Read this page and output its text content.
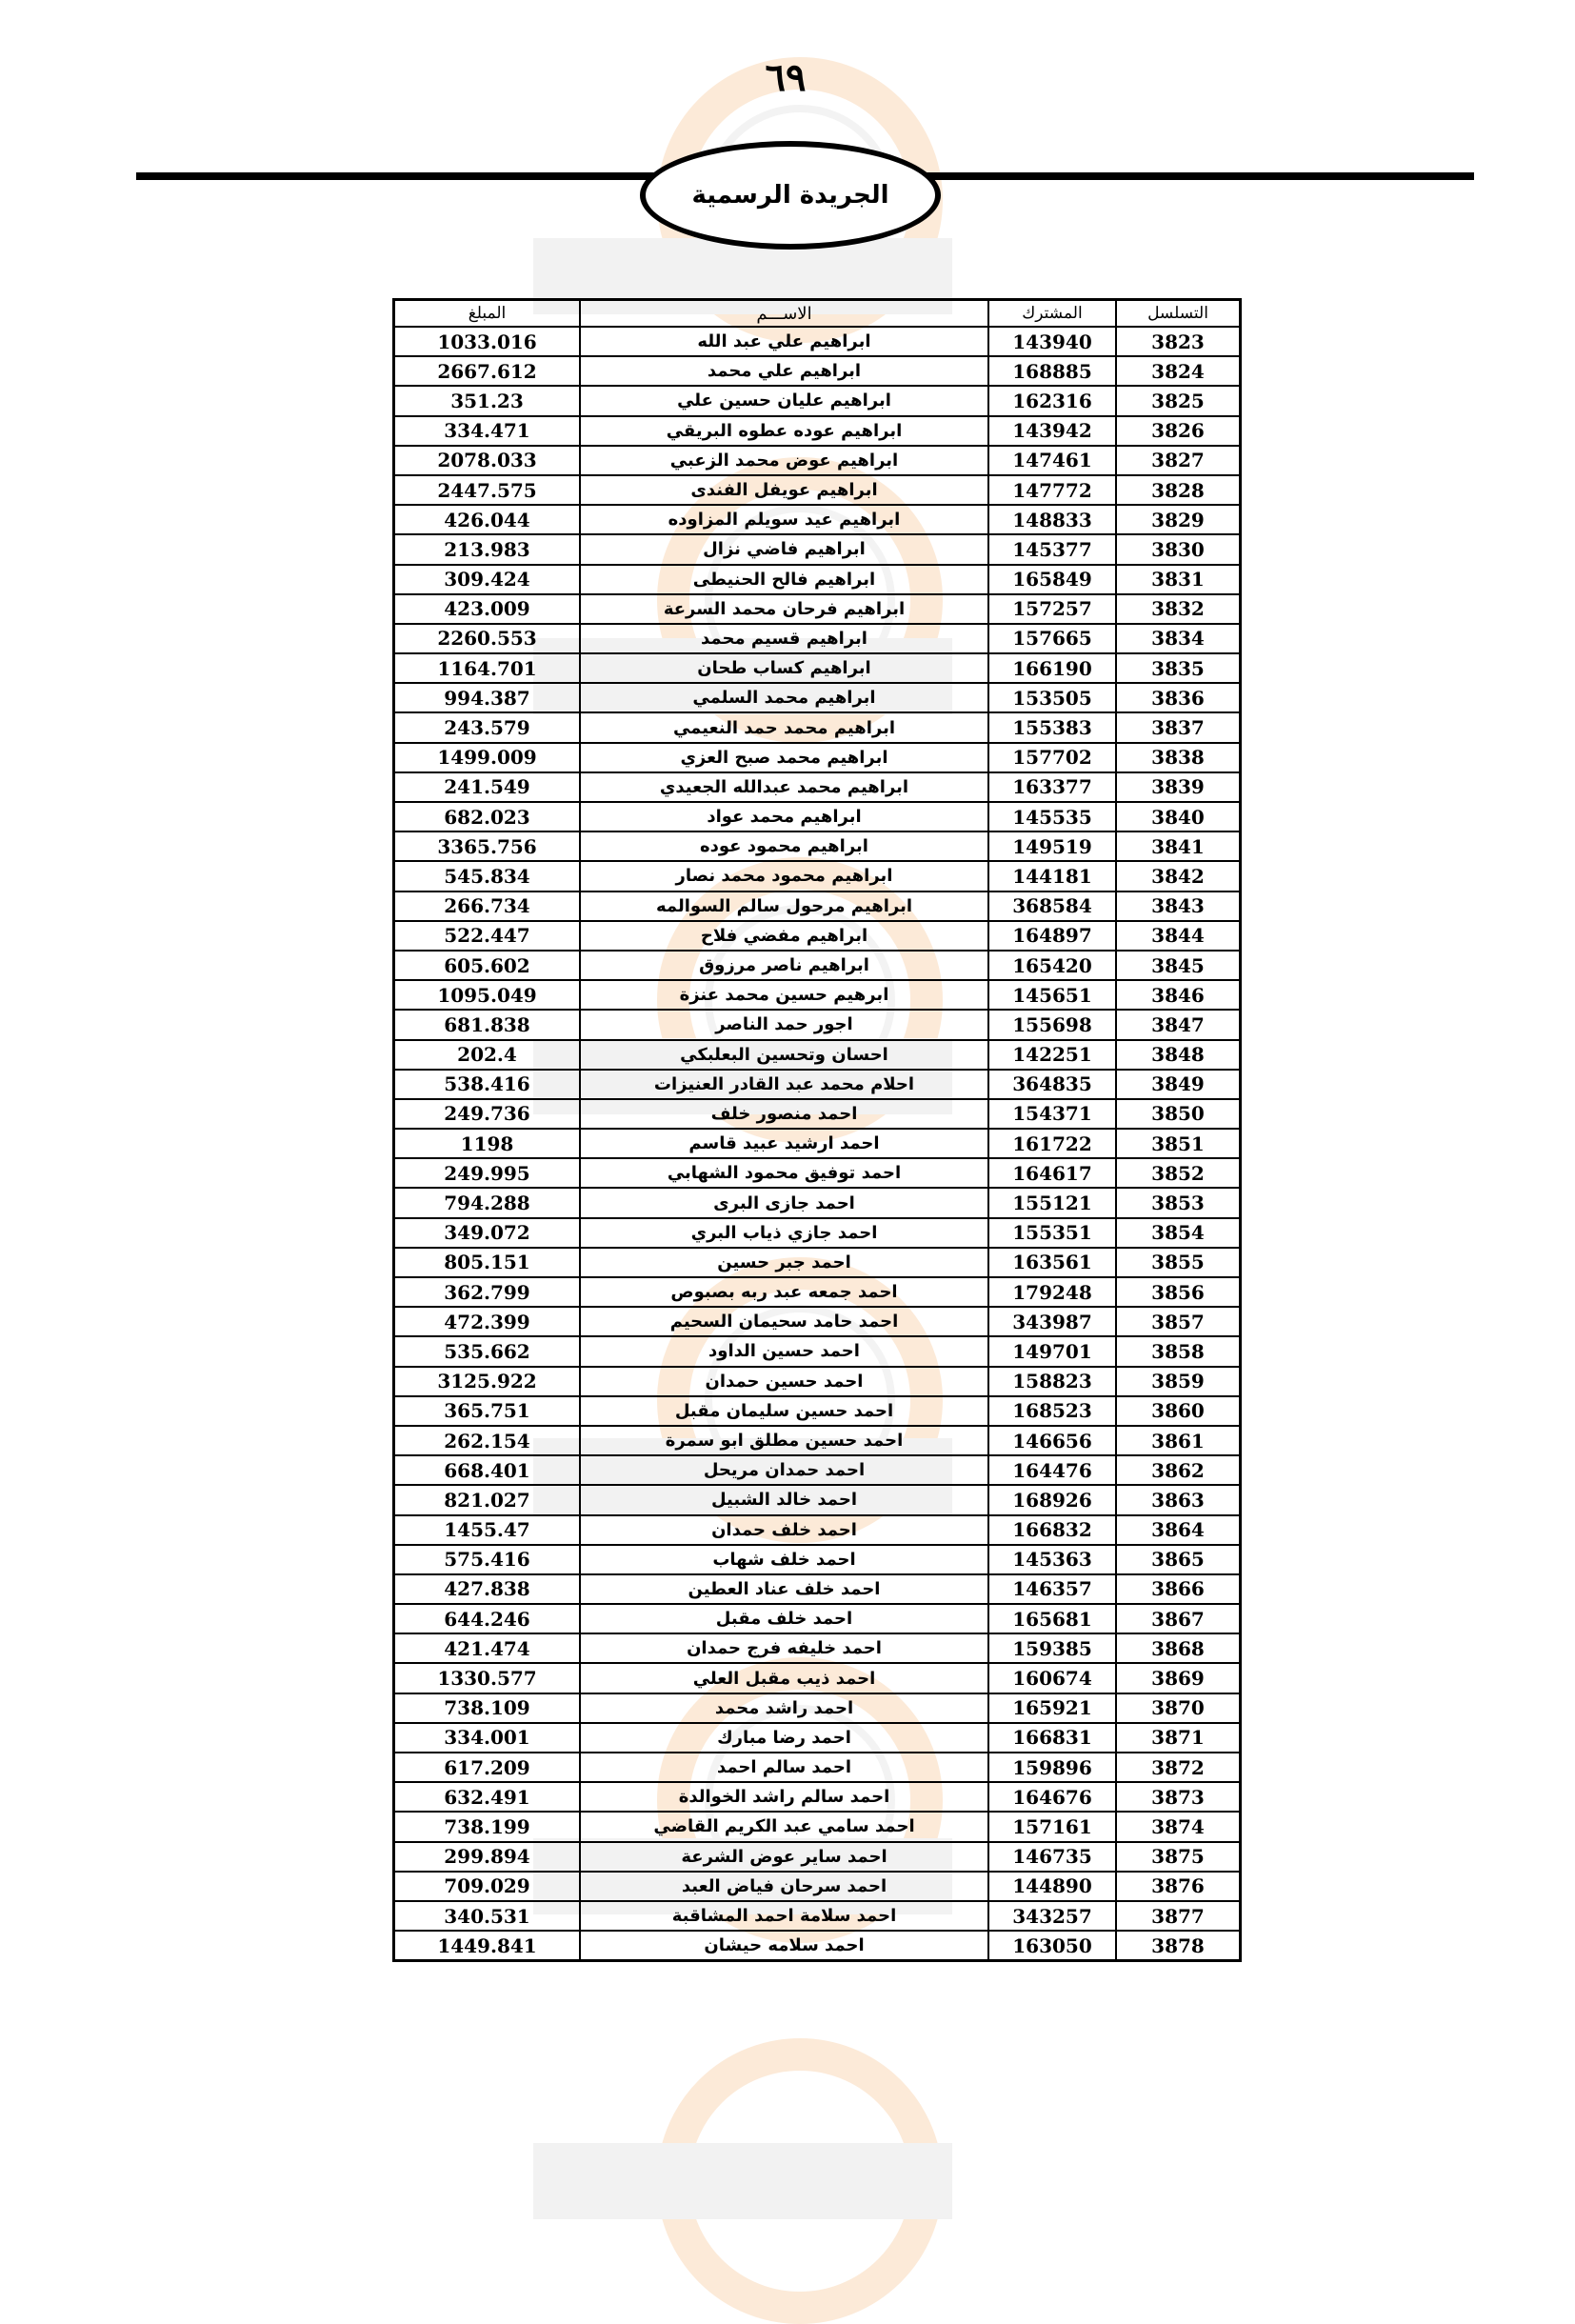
٦٩
الجريدة الرسمية
التسلسل	المشترك	الاســـم	المبلغ
3823	143940	ابراهيم علي عبد الله	1033.016
3824	168885	ابراهيم علي محمد	2667.612
3825	162316	ابراهيم عليان حسين علي	351.23
3826	143942	ابراهيم عوده عطوه البريقي	334.471
3827	147461	ابراهيم عوض محمد الزعبي	2078.033
3828	147772	ابراهيم عويفل الفندى	2447.575
3829	148833	ابراهيم عيد سويلم المزاوده	426.044
3830	145377	ابراهيم فاضي نزال	213.983
3831	165849	ابراهيم فالح الحنيطى	309.424
3832	157257	ابراهيم فرحان محمد السرعة	423.009
3834	157665	ابراهيم قسيم محمد	2260.553
3835	166190	ابراهيم كساب طحان	1164.701
3836	153505	ابراهيم محمد السلمي	994.387
3837	155383	ابراهيم محمد حمد النعيمي	243.579
3838	157702	ابراهيم محمد صبح العزي	1499.009
3839	163377	ابراهيم محمد عبدالله الجعيدي	241.549
3840	145535	ابراهيم محمد عواد	682.023
3841	149519	ابراهيم محمود عوده	3365.756
3842	144181	ابراهيم محمود محمد نصار	545.834
3843	368584	ابراهيم مرحول سالم السوالمه	266.734
3844	164897	ابراهيم مفضي فلاح	522.447
3845	165420	ابراهيم ناصر مرزوق	605.602
3846	145651	ابرهيم حسين محمد عنزة	1095.049
3847	155698	اجور حمد الناصر	681.838
3848	142251	احسان وتحسين البعلبكي	202.4
3849	364835	احلام محمد عبد القادر العنيزات	538.416
3850	154371	احمد منصور خلف	249.736
3851	161722	احمد ارشيد عبيد قاسم	1198
3852	164617	احمد توفيق محمود الشهابي	249.995
3853	155121	احمد جازى البرى	794.288
3854	155351	احمد جازي ذياب البري	349.072
3855	163561	احمد جبر حسين	805.151
3856	179248	احمد جمعه عبد ربه بصبوص	362.799
3857	343987	احمد حامد سحيمان السحيم	472.399
3858	149701	احمد حسين الداود	535.662
3859	158823	احمد حسين حمدان	3125.922
3860	168523	احمد حسين سليمان مقبل	365.751
3861	146656	احمد حسين مطلق ابو سمرة	262.154
3862	164476	احمد حمدان مريحل	668.401
3863	168926	احمد خالد الشبيل	821.027
3864	166832	احمد خلف حمدان	1455.47
3865	145363	احمد خلف شهاب	575.416
3866	146357	احمد خلف عناد العطين	427.838
3867	165681	احمد خلف مقبل	644.246
3868	159385	احمد خليفه فرج حمدان	421.474
3869	160674	احمد ذيب مقبل العلي	1330.577
3870	165921	احمد راشد محمد	738.109
3871	166831	احمد رضا مبارك	334.001
3872	159896	احمد سالم احمد	617.209
3873	164676	احمد سالم راشد الخوالدة	632.491
3874	157161	احمد سامي عبد الكريم القاضي	738.199
3875	146735	احمد ساير عوض الشرعة	299.894
3876	144890	احمد سرحان فياض العبد	709.029
3877	343257	احمد سلامة احمد المشاقبة	340.531
3878	163050	احمد سلامه حيشان	1449.841
